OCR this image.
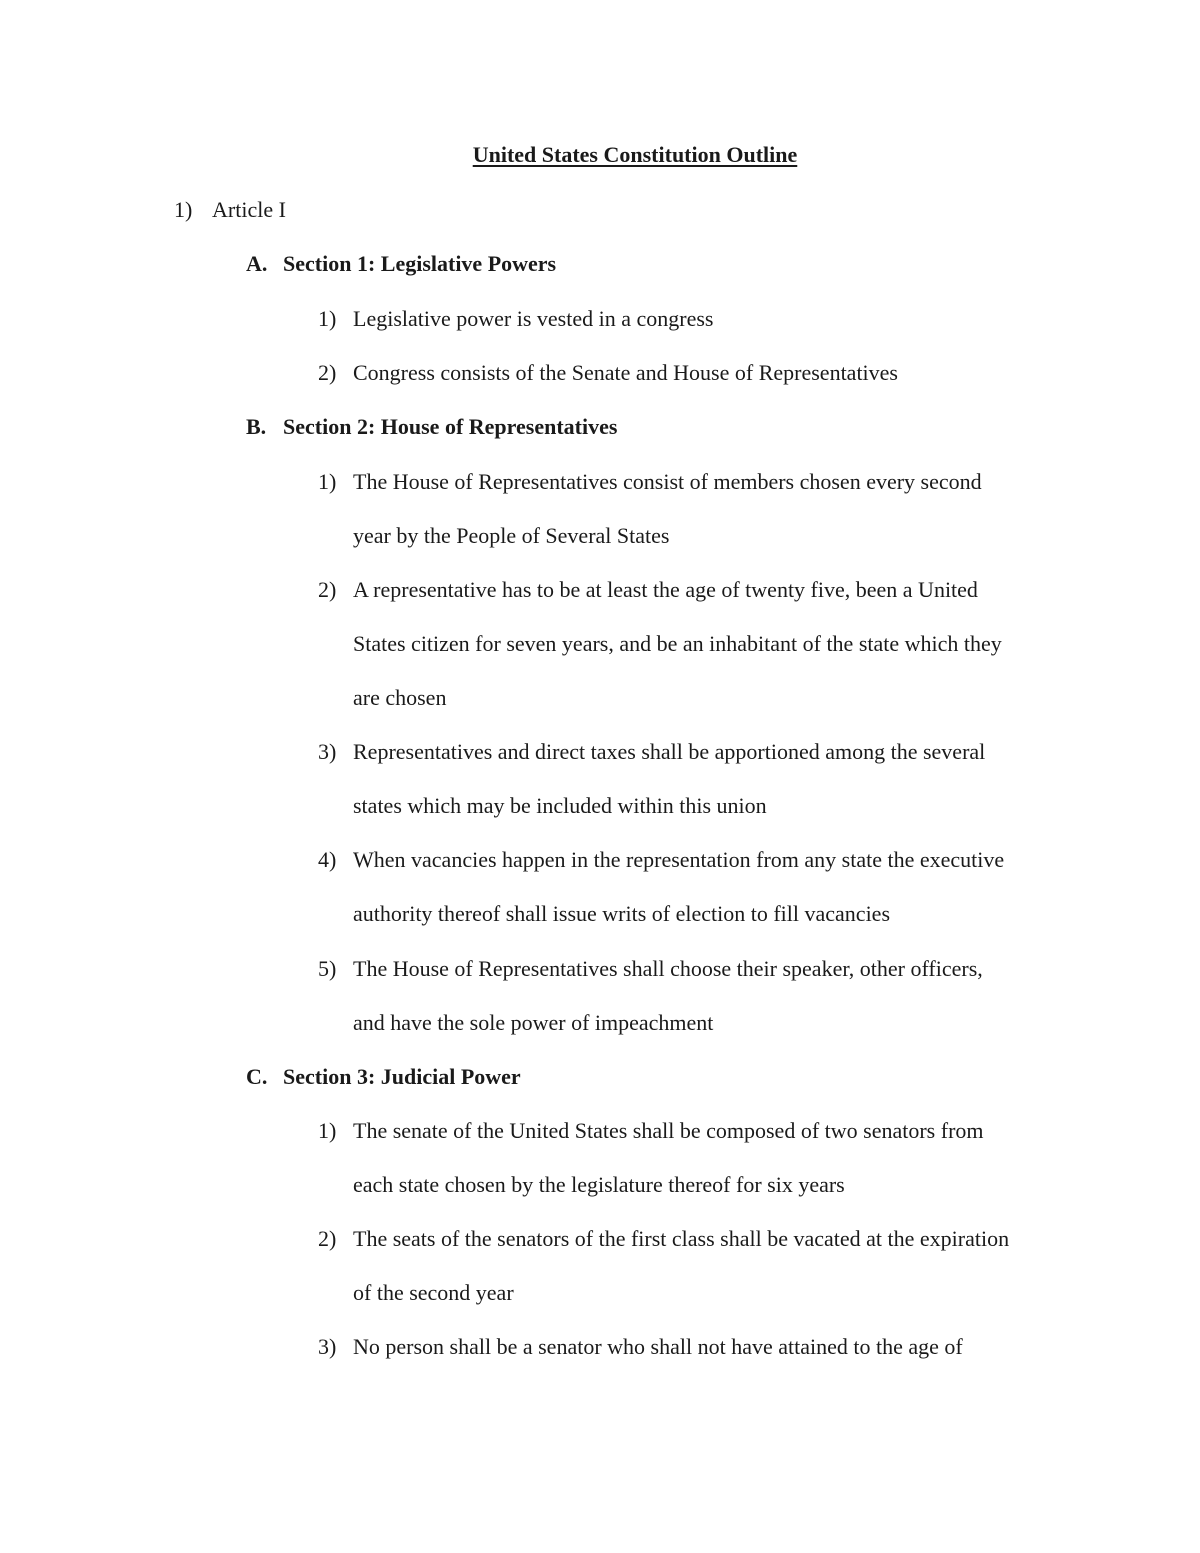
United States Constitution Outline
1) Article I
A. Section 1: Legislative Powers
1) Legislative power is vested in a congress
2) Congress consists of the Senate and House of Representatives
B. Section 2: House of Representatives
1) The House of Representatives consist of members chosen every second
year by the People of Several States
2) A representative has to be at least the age of twenty five, been a United
States citizen for seven years, and be an inhabitant of the state which they
are chosen
3) Representatives and direct taxes shall be apportioned among the several
states which may be included within this union
4) When vacancies happen in the representation from any state the executive
authority thereof shall issue writs of election to fill vacancies
5) The House of Representatives shall choose their speaker, other officers,
and have the sole power of impeachment
C. Section 3: Judicial Power
1) The senate of the United States shall be composed of two senators from
each state chosen by the legislature thereof for six years
2) The seats of the senators of the first class shall be vacated at the expiration
of the second year
3) No person shall be a senator who shall not have attained to the age of
